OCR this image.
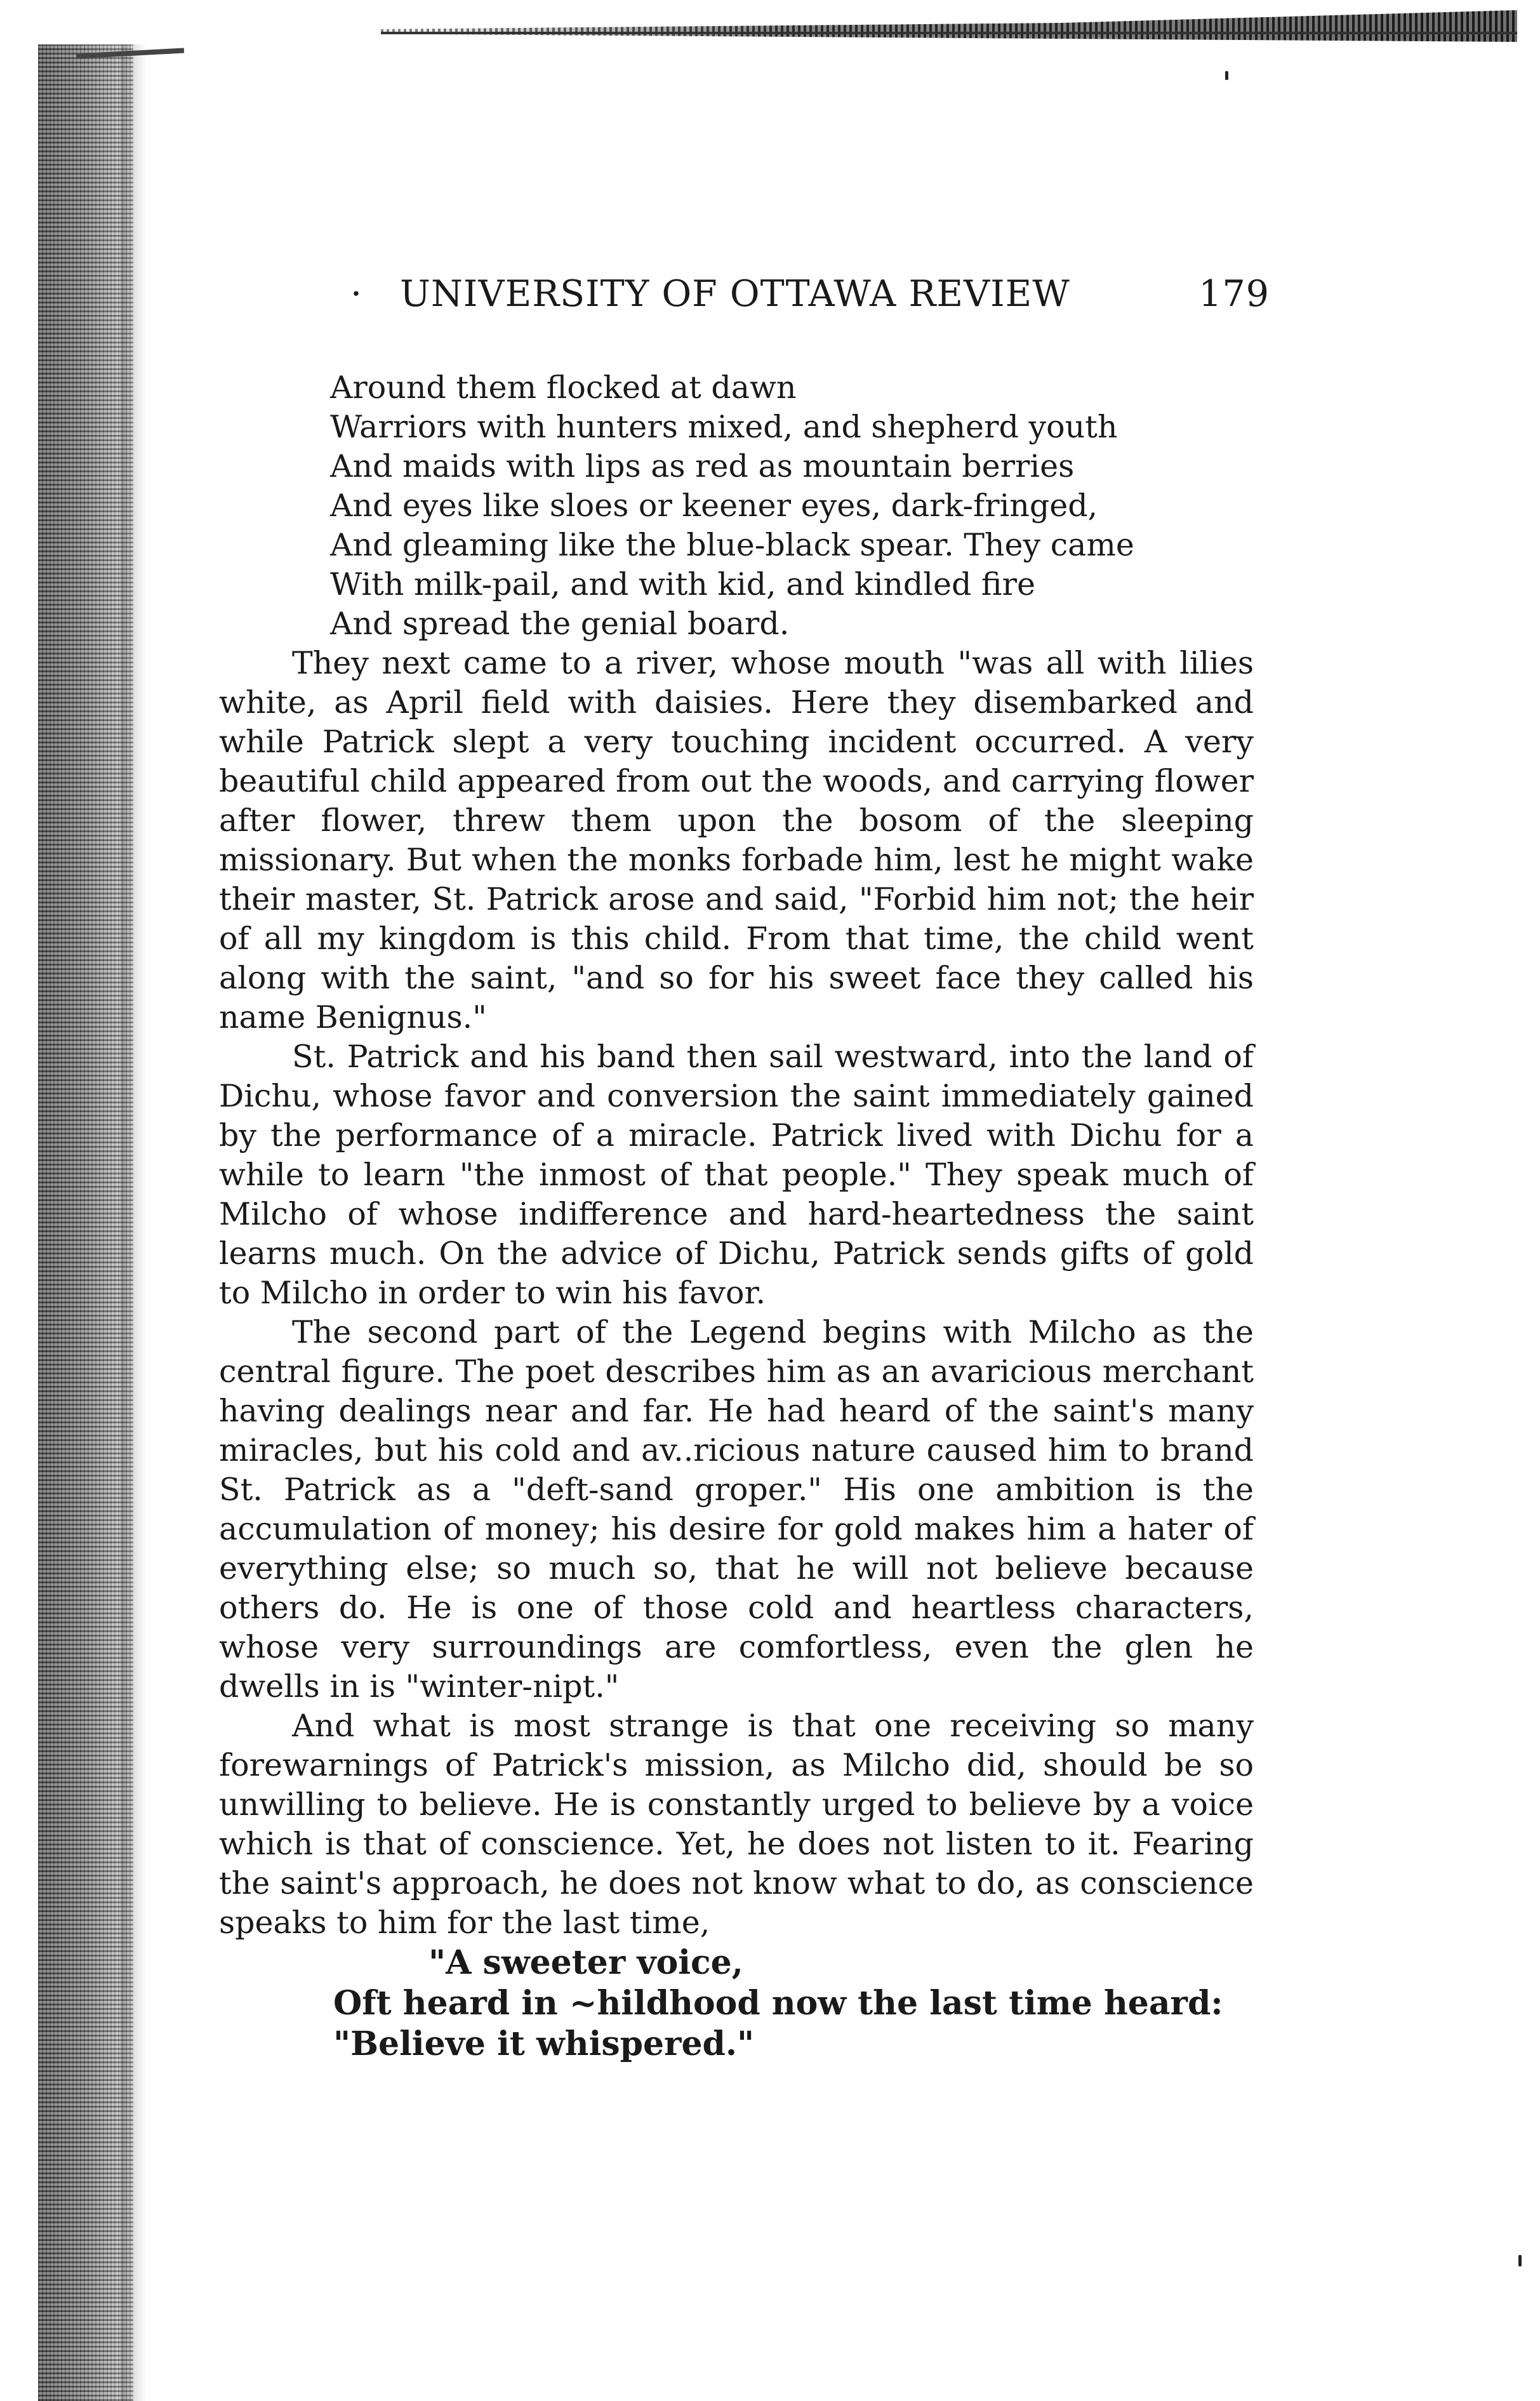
· UNIVERSITY OF OTTAWA REVIEW	179
Around them flocked at dawn
Warriors with hunters mixed, and shepherd youth
And maids with lips as red as mountain berries
And eyes like sloes or keener eyes, dark-fringed,
And gleaming like the blue-black spear. They came
With milk-pail, and with kid, and kindled fire
And spread the genial board.

They next came to a river, whose mouth "was all with lilies white, as April field with daisies. Here they disembarked and while Patrick slept a very touching incident occurred. A very beautiful child appeared from out the woods, and carrying flower after flower, threw them upon the bosom of the sleeping missionary. But when the monks forbade him, lest he might wake their master, St. Patrick arose and said, "Forbid him not; the heir of all my kingdom is this child. From that time, the child went along with the saint, "and so for his sweet face they called his name Benignus."

St. Patrick and his band then sail westward, into the land of Dichu, whose favor and conversion the saint immediately gained by the performance of a miracle. Patrick lived with Dichu for a while to learn "the inmost of that people." They speak much of Milcho of whose indifference and hard-heartedness the saint learns much. On the advice of Dichu, Patrick sends gifts of gold to Milcho in order to win his favor.

The second part of the Legend begins with Milcho as the central figure. The poet describes him as an avaricious merchant having dealings near and far. He had heard of the saint's many miracles, but his cold and av..ricious nature caused him to brand St. Patrick as a "deft-sand groper." His one ambition is the accumulation of money; his desire for gold makes him a hater of everything else; so much so, that he will not believe because others do. He is one of those cold and heartless characters, whose very surroundings are comfortless, even the glen he dwells in is "winter-nipt."

And what is most strange is that one receiving so many forewarnings of Patrick's mission, as Milcho did, should be so unwilling to believe. He is constantly urged to believe by a voice which is that of conscience. Yet, he does not listen to it. Fearing the saint's approach, he does not know what to do, as conscience speaks to him for the last time,

"A sweeter voice,
Oft heard in ~hildhood now the last time heard:
"Believe it whispered."
